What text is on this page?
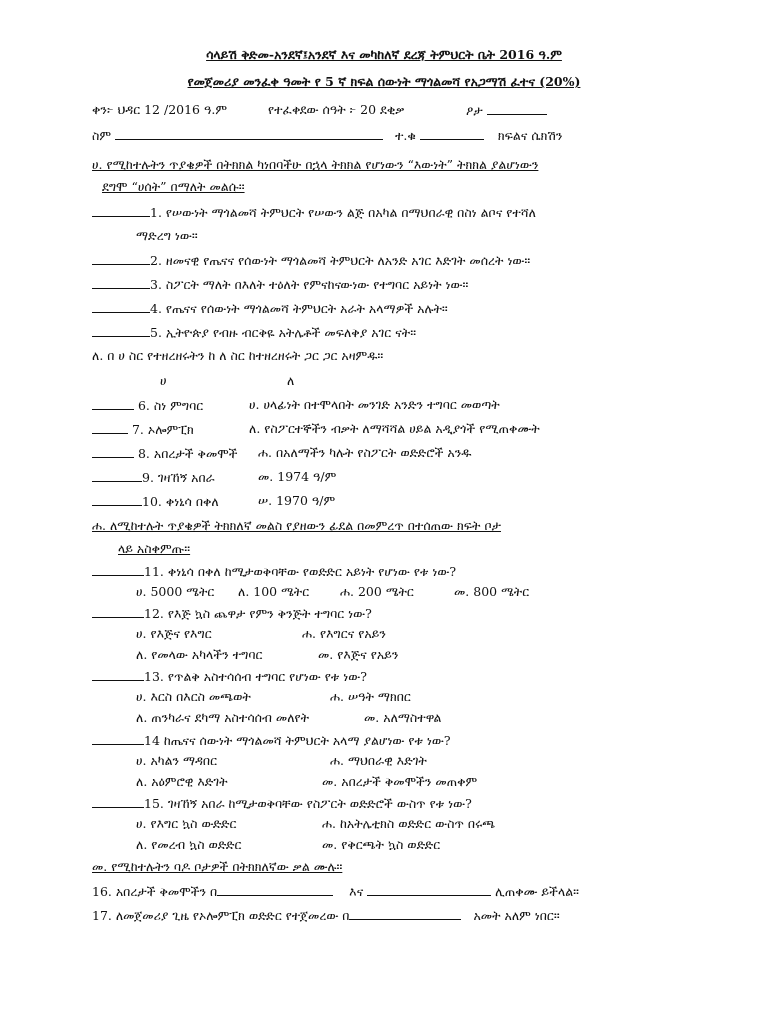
ሳላይሽ ቅድመ-አንደኛ፤አንደኛ እና መካከለኛ ደረጃ ትምህርት ቤት 2016 ዓ.ም
የመጀመሪያ መንፈቀ ዓመት የ 5 ኛ ክፍል ሰውነት ማጎልመሻ የአጋማሽ ፈተና (20%)
ቀን፦ ህዳር 12 /2016 ዓ.ም	የተፈቀደው ሰዓት ፦ 20 ደቂቃ	ዖታ
ስም	ተ.ቁ	ክፍልና ሴክሽን
ሀ. የሚከተሉትን ጥያቄዎች በትክክል ካነበባችሁ በኋላ ትክክል የሆነውን “እውነት” ትክክል ያልሆነውን
ደግሞ “ሀሰት” በማለት መልሱ።
1. የሠውነት ማጎልመሻ ትምህርት የሠውን ልጅ በአካል በማህበራዊ በስነ ልቦና የተሻለ
ማድረግ ነው።
2. ዘመናዊ የጤናና የሰውነት ማጎልመሻ ትምህርት ለአንድ አገር እድገት መሰረት ነው።
3. ስፖርት ማለት በእለት ተዕለት የምናከናውነው የተግባር አይነት ነው።
4. የጤናና የሰውነት ማጎልመሻ ትምህርት አራት አላማዎች አሉት።
5. ኢትዮጵያ የብዙ ብርቅዬ አትሌቶች መፍለቅያ አገር ናት።
ለ. በ ሀ ስር የተዘረዘሩትን ከ ለ ስር ከተዘረዘሩት ጋር ጋር አዛምዱ።
ሀ	ለ
6. ስነ ምግባር	ሀ. ሀላፊነት በተሞላበት መንገድ አንድን ተግባር መወጣት
7. ኦሎምፒክ	ለ. የስፖርተኞችን ብቃት ለማሻሻል ሀይል አዲያጎች የሚጠቀሙት
8. አበረታች ቅመሞች ሐ. በአለማችን ካሉት የስፖርት ወድድሮች አንዱ
9. ገዛኸኝ አበራ	መ. 1974 ዓ/ም
10. ቀነኒሳ በቀለ	ሠ. 1970 ዓ/ም
ሐ. ለሚከተሉት ጥያቄዎች ትክክለኛ መልስ የያዘውን ፊደል በመምረጥ በተሰጠው ክፍት ቦታ
ላይ አስቀምጡ።
11. ቀነኒሳ በቀለ ከሚታወቅባቸው የወድድር አይነት የሆነው የቱ ነው?
ሀ. 5000 ሜትር ለ. 100 ሜትር ሐ. 200 ሜትር	መ. 800 ሜትር
12. የእጅ ኳስ ጨዋታ የምን ቅንጅት ተግባር ነው?
ሀ. የእጅና የእግር	ሐ. የእግርና የአይን
ለ. የመላው አካላችን ተግባር	መ. የእጅና የአይን
13. የጥልቅ አስተሳሰብ ተግባር የሆነው የቱ ነው?
ሀ. እርስ በእርስ መጫወት	ሐ. ሠዓት ማክበር
ለ. ጠንካራና ደካማ አስተሳሰብ መለየት	መ. አለማስተዋል
14 ከጤናና ሰውነት ማጎልመሻ ትምህርት አላማ ያልሆነው የቱ ነው?
ሀ. አካልን ማዳበር	ሐ. ማህበራዊ እድገት
ለ. አዕምሮዊ እድገት	መ. አበረታች ቅመሞችን መጠቀም
15. ገዛኸኝ አበራ ከሚታወቅባቸው የስፖርት ወድድሮች ውስጥ የቱ ነው?
ሀ. የእግር ኳስ ውድድር	ሐ. ከአትሌቲክስ ወድድር ውስጥ በሩጫ
ለ. የመረብ ኳስ ወድድር	መ. የቅርጫት ኳስ ወድድር
መ. የሚከተሉትን ባዶ ቦታዎች በትክክለኛው ቃል ሙሉ።
16. አበረታች ቅመሞችን በ	እና	ሊጠቀሙ ይችላል።
17. ለመጀመሪያ ጊዜ የኦሎምፒክ ወድድር የተጀመረው በ	አመት አለም ነበር።
